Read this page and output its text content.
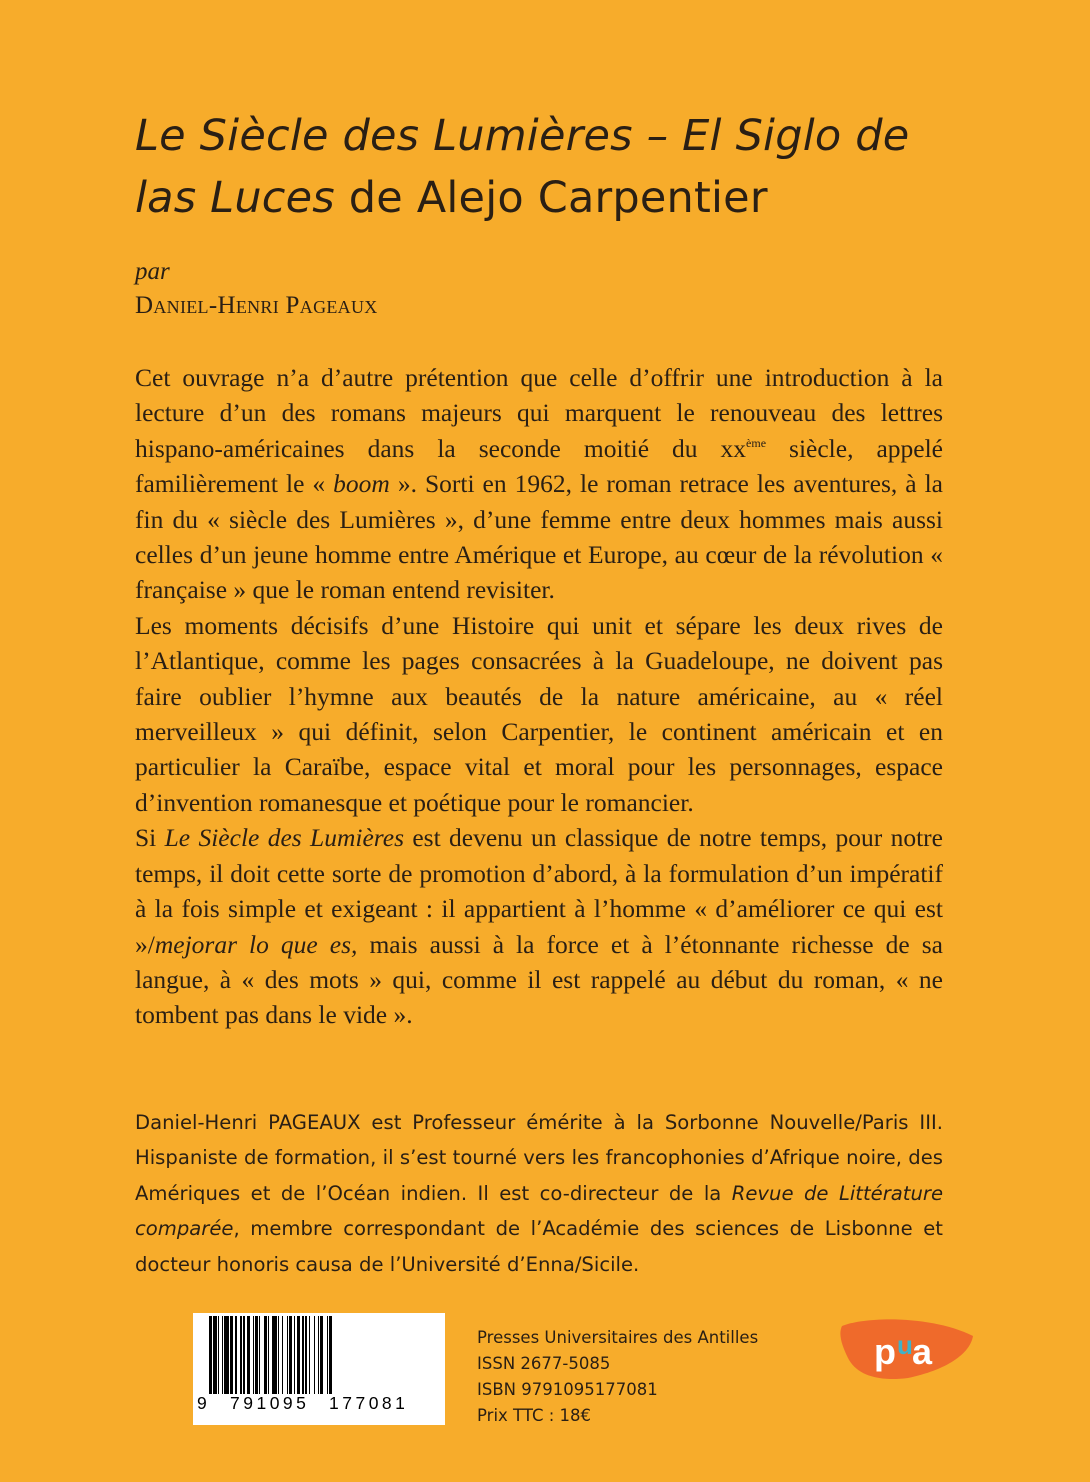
Le Siècle des Lumières – El Siglo de
las Luces de Alejo Carpentier
par
Daniel-Henri Pageaux

Cet ouvrage n’a d’autre prétention que celle d’offrir une introduction à la lecture d’un des romans majeurs qui marquent le renouveau des lettres hispano-américaines dans la seconde moitié du $xx^{ème}$ siècle, appelé familièrement le « boom ». Sorti en 1962, le roman retrace les aventures, à la fin du « siècle des Lumières », d’une femme entre deux hommes mais aussi celles d’un jeune homme entre Amérique et Europe, au cœur de la révolution « française » que le roman entend revisiter.

Les moments décisifs d’une Histoire qui unit et sépare les deux rives de l’Atlantique, comme les pages consacrées à la Guadeloupe, ne doivent pas faire oublier l’hymne aux beautés de la nature américaine, au « réel merveilleux » qui définit, selon Carpentier, le continent américain et en particulier la Caraïbe, espace vital et moral pour les personnages, espace d’invention romanesque et poétique pour le romancier.

Si Le Siècle des Lumières est devenu un classique de notre temps, pour notre temps, il doit cette sorte de promotion d’abord, à la formulation d’un impératif à la fois simple et exigeant : il appartient à l’homme « d’améliorer ce qui est »/mejorar lo que es, mais aussi à la force et à l’étonnante richesse de sa langue, à « des mots » qui, comme il est rappelé au début du roman, « ne tombent pas dans le vide ».

Daniel-Henri PAGEAUX est Professeur émérite à la Sorbonne Nouvelle/Paris III. Hispaniste de formation, il s’est tourné vers les francophonies d’Afrique noire, des Amériques et de l’Océan indien. Il est co-directeur de la Revue de Littérature comparée, membre correspondant de l’Académie des sciences de Lisbonne et docteur honoris causa de l’Université d’Enna/Sicile.

9 791095 177081
Presses Universitaires des Antilles
ISSN 2677-5085
ISBN 9791095177081
Prix TTC : 18€
p u a
